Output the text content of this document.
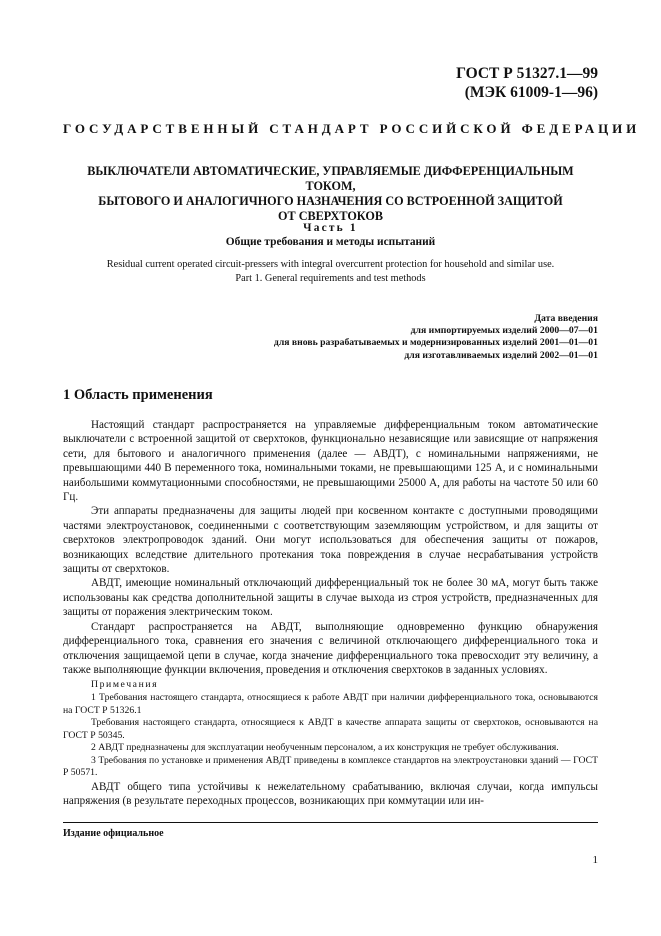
ГОСТ Р 51327.1—99
(МЭК 61009-1—96)
ГОСУДАРСТВЕННЫЙ СТАНДАРТ РОССИЙСКОЙ ФЕДЕРАЦИИ
ВЫКЛЮЧАТЕЛИ АВТОМАТИЧЕСКИЕ, УПРАВЛЯЕМЫЕ ДИФФЕРЕНЦИАЛЬНЫМ ТОКОМ,
БЫТОВОГО И АНАЛОГИЧНОГО НАЗНАЧЕНИЯ СО ВСТРОЕННОЙ ЗАЩИТОЙ
ОТ СВЕРХТОКОВ
Часть 1
Общие требования и методы испытаний
Residual current operated circuit-pressers with integral overcurrent protection for household and similar use.
Part 1. General requirements and test methods
Дата введения
для импортируемых изделий 2000—07—01
для вновь разрабатываемых и модернизированных изделий 2001—01—01
для изготавливаемых изделий 2002—01—01
1 Область применения

Настоящий стандарт распространяется на управляемые дифференциальным током автоматические выключатели с встроенной защитой от сверхтоков, функционально независящие или зависящие от напряжения сети, для бытового и аналогичного применения (далее — АВДТ), с номинальными напряжениями, не превышающими 440 В переменного тока, номинальными токами, не превышающими 125 А, и с номинальными наибольшими коммутационными способностями, не превышающими 25000 А, для работы на частоте 50 или 60 Гц.

Эти аппараты предназначены для защиты людей при косвенном контакте с доступными проводящими частями электроустановок, соединенными с соответствующим заземляющим устройством, и для защиты от сверхтоков электропроводок зданий. Они могут использоваться для обеспечения защиты от пожаров, возникающих вследствие длительного протекания тока повреждения в случае несрабатывания устройств защиты от сверхтоков.

АВДТ, имеющие номинальный отключающий дифференциальный ток не более 30 мА, могут быть также использованы как средства дополнительной защиты в случае выхода из строя устройств, предназначенных для защиты от поражения электрическим током.

Стандарт распространяется на АВДТ, выполняющие одновременно функцию обнаружения дифференциального тока, сравнения его значения с величиной отключающего дифференциального тока и отключения защищаемой цепи в случае, когда значение дифференциального тока превосходит эту величину, а также выполняющие функции включения, проведения и отключения сверхтоков в заданных условиях.

Примечания

1 Требования настоящего стандарта, относящиеся к работе АВДТ при наличии дифференциального тока, основываются на ГОСТ Р 51326.1

Требования настоящего стандарта, относящиеся к АВДТ в качестве аппарата защиты от сверхтоков, основываются на ГОСТ Р 50345.

2 АВДТ предназначены для эксплуатации необученным персоналом, а их конструкция не требует обслуживания.

3 Требования по установке и применения АВДТ приведены в комплексе стандартов на электроустановки зданий — ГОСТ Р 50571.

АВДТ общего типа устойчивы к нежелательному срабатыванию, включая случаи, когда импульсы напряжения (в результате переходных процессов, возникающих при коммутации или ин-

Издание официальное
1
